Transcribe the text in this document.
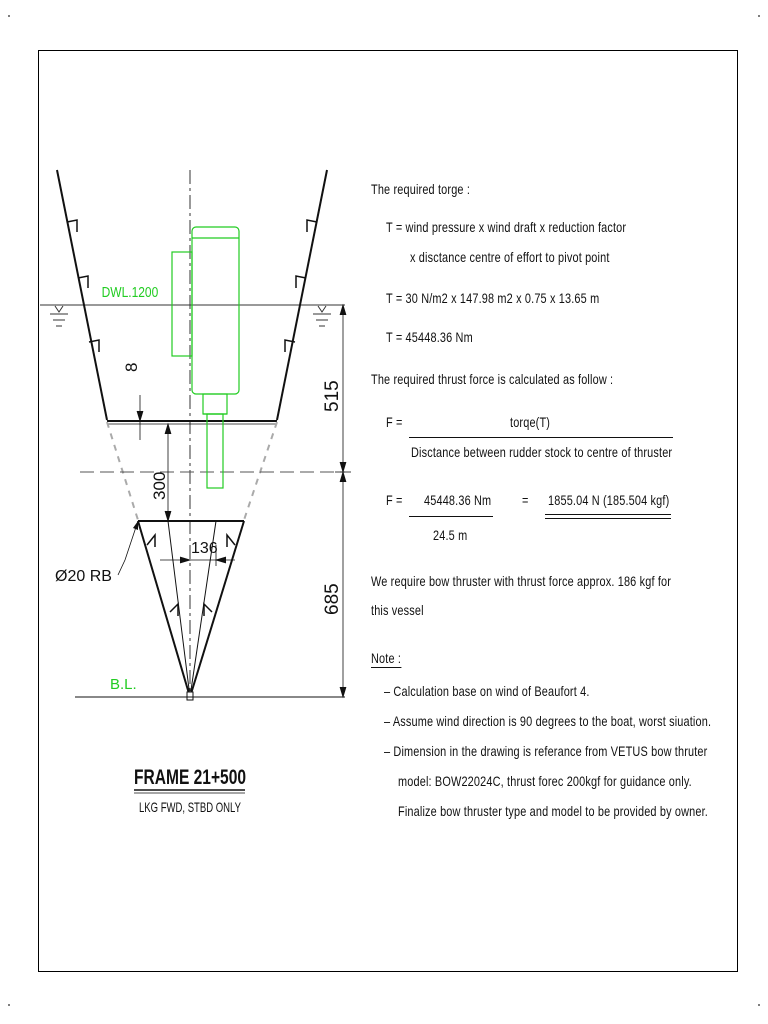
DWL.1200
B.L.
8
300
515
685
136
Ø20 RB
FRAME 21+500
LKG FWD, STBD ONLY
The required torge :
T = wind pressure x wind draft x reduction factor
x disctance centre of effort to pivot point
T = 30 N/m2 x 147.98 m2 x 0.75 x 13.65 m
T = 45448.36 Nm
The required thrust force is calculated as follow :
F =	torqe(T)
Disctance between rudder stock to centre of thruster
F = 45448.36 Nm = 1855.04 N (185.504 kgf)
24.5 m
We require bow thruster with thrust force approx. 186 kgf for
this vessel
Note :
– Calculation base on wind of Beaufort 4.
– Assume wind direction is 90 degrees to the boat, worst siuation.
– Dimension in the drawing is referance from VETUS bow thruter
model: BOW22024C, thrust forec 200kgf for guidance only.
Finalize bow thruster type and model to be provided by owner.
